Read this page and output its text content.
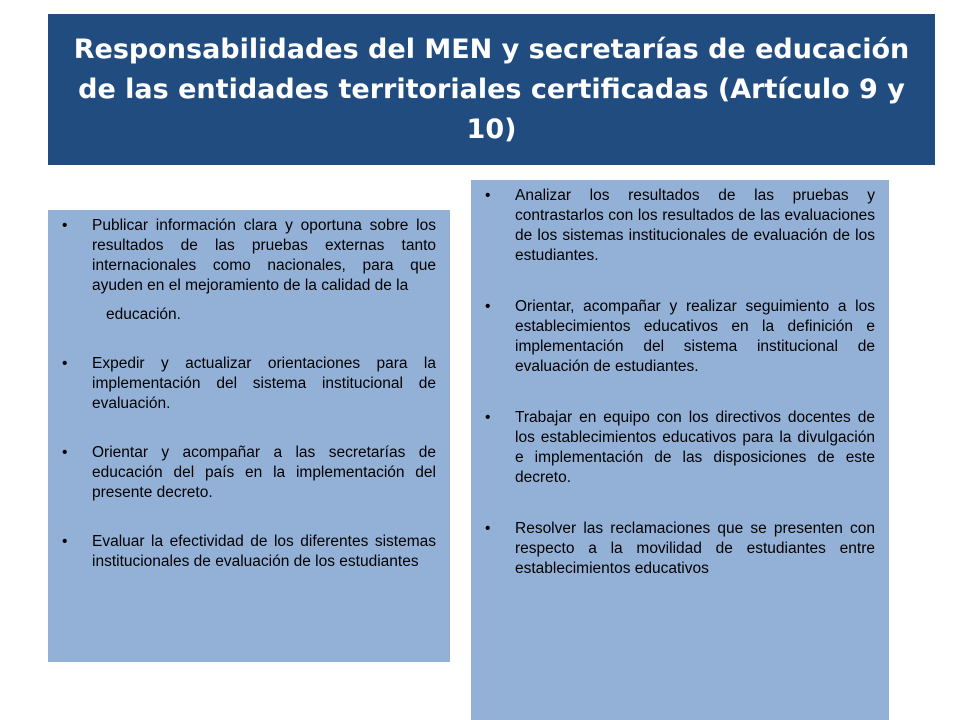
Responsabilidades del MEN y secretarías de educación de las entidades territoriales certificadas (Artículo 9 y 10)
•	Publicar información clara y oportuna sobre los resultados de las pruebas externas tanto internacionales como nacionales, para que ayuden en el mejoramiento de la calidad de la
educación.
•	Expedir y actualizar orientaciones para la implementación del sistema institucional de evaluación.
•	Orientar y acompañar a las secretarías de educación del país en la implementación del presente decreto.
•	Evaluar la efectividad de los diferentes sistemas institucionales de evaluación de los estudiantes
•	Analizar los resultados de las pruebas y contrastarlos con los resultados de las evaluaciones de los sistemas institucionales de evaluación de los estudiantes.
•	Orientar, acompañar y realizar seguimiento a los establecimientos educativos en la definición e implementación del sistema institucional de evaluación de estudiantes.
•	Trabajar en equipo con los directivos docentes de los establecimientos educativos para la divulgación e implementación de las disposiciones de este decreto.
•	Resolver las reclamaciones que se presenten con respecto a la movilidad de estudiantes entre establecimientos educativos
